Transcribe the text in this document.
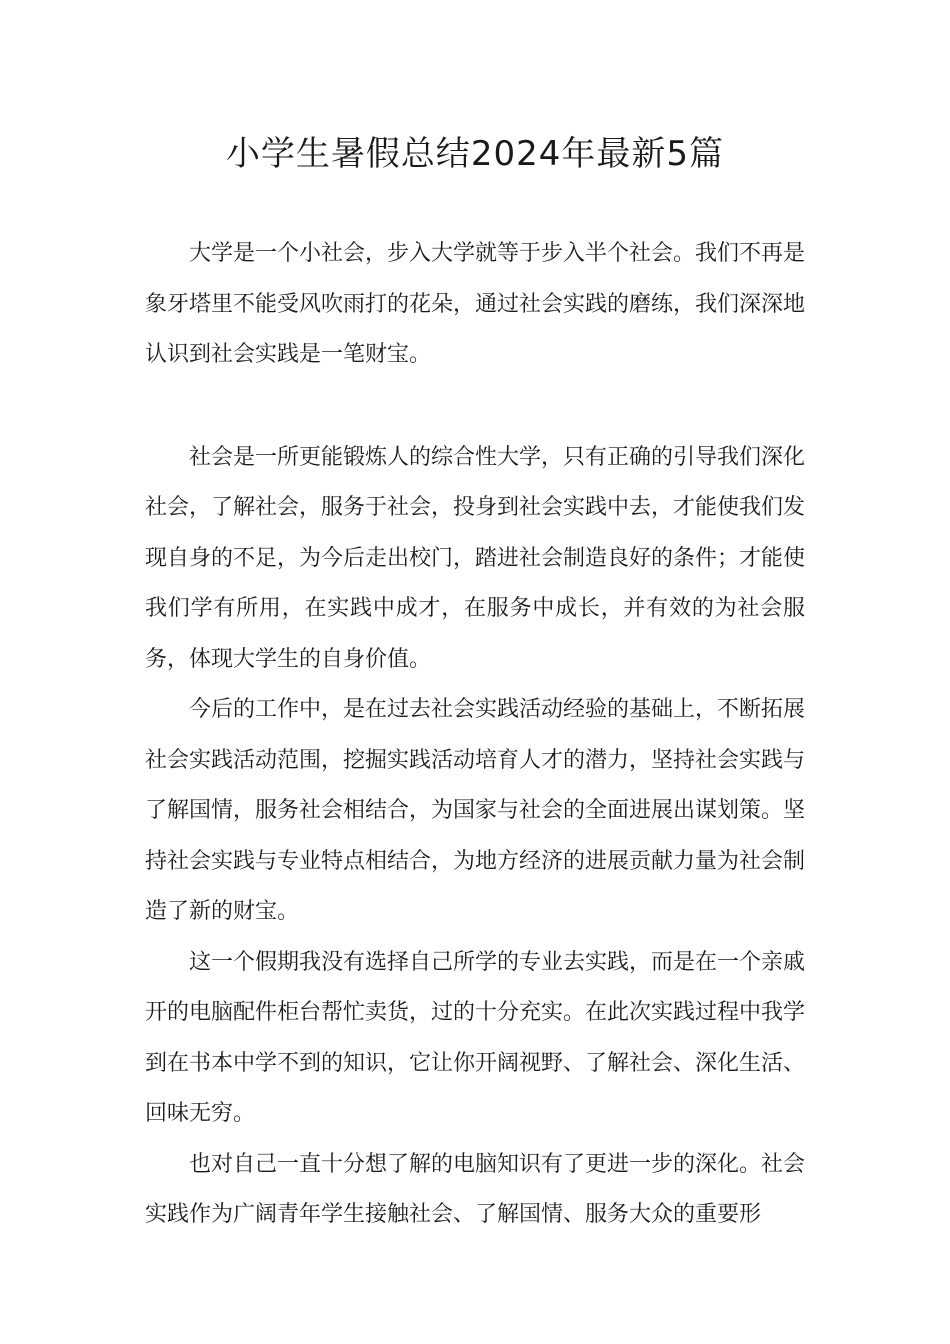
小学生暑假总结2024年最新5篇

大学是一个小社会，步入大学就等于步入半个社会。我们不再是象牙塔里不能受风吹雨打的花朵，通过社会实践的磨练，我们深深地认识到社会实践是一笔财宝。

社会是一所更能锻炼人的综合性大学，只有正确的引导我们深化社会，了解社会，服务于社会，投身到社会实践中去，才能使我们发现自身的不足，为今后走出校门，踏进社会制造良好的条件；才能使我们学有所用，在实践中成才，在服务中成长，并有效的为社会服务，体现大学生的自身价值。

今后的工作中，是在过去社会实践活动经验的基础上，不断拓展社会实践活动范围，挖掘实践活动培育人才的潜力，坚持社会实践与了解国情，服务社会相结合，为国家与社会的全面进展出谋划策。坚持社会实践与专业特点相结合，为地方经济的进展贡献力量为社会制造了新的财宝。

这一个假期我没有选择自己所学的专业去实践，而是在一个亲戚开的电脑配件柜台帮忙卖货，过的十分充实。在此次实践过程中我学到在书本中学不到的知识，它让你开阔视野、了解社会、深化生活、回味无穷。

也对自己一直十分想了解的电脑知识有了更进一步的深化。社会实践作为广阔青年学生接触社会、了解国情、服务大众的重要形
